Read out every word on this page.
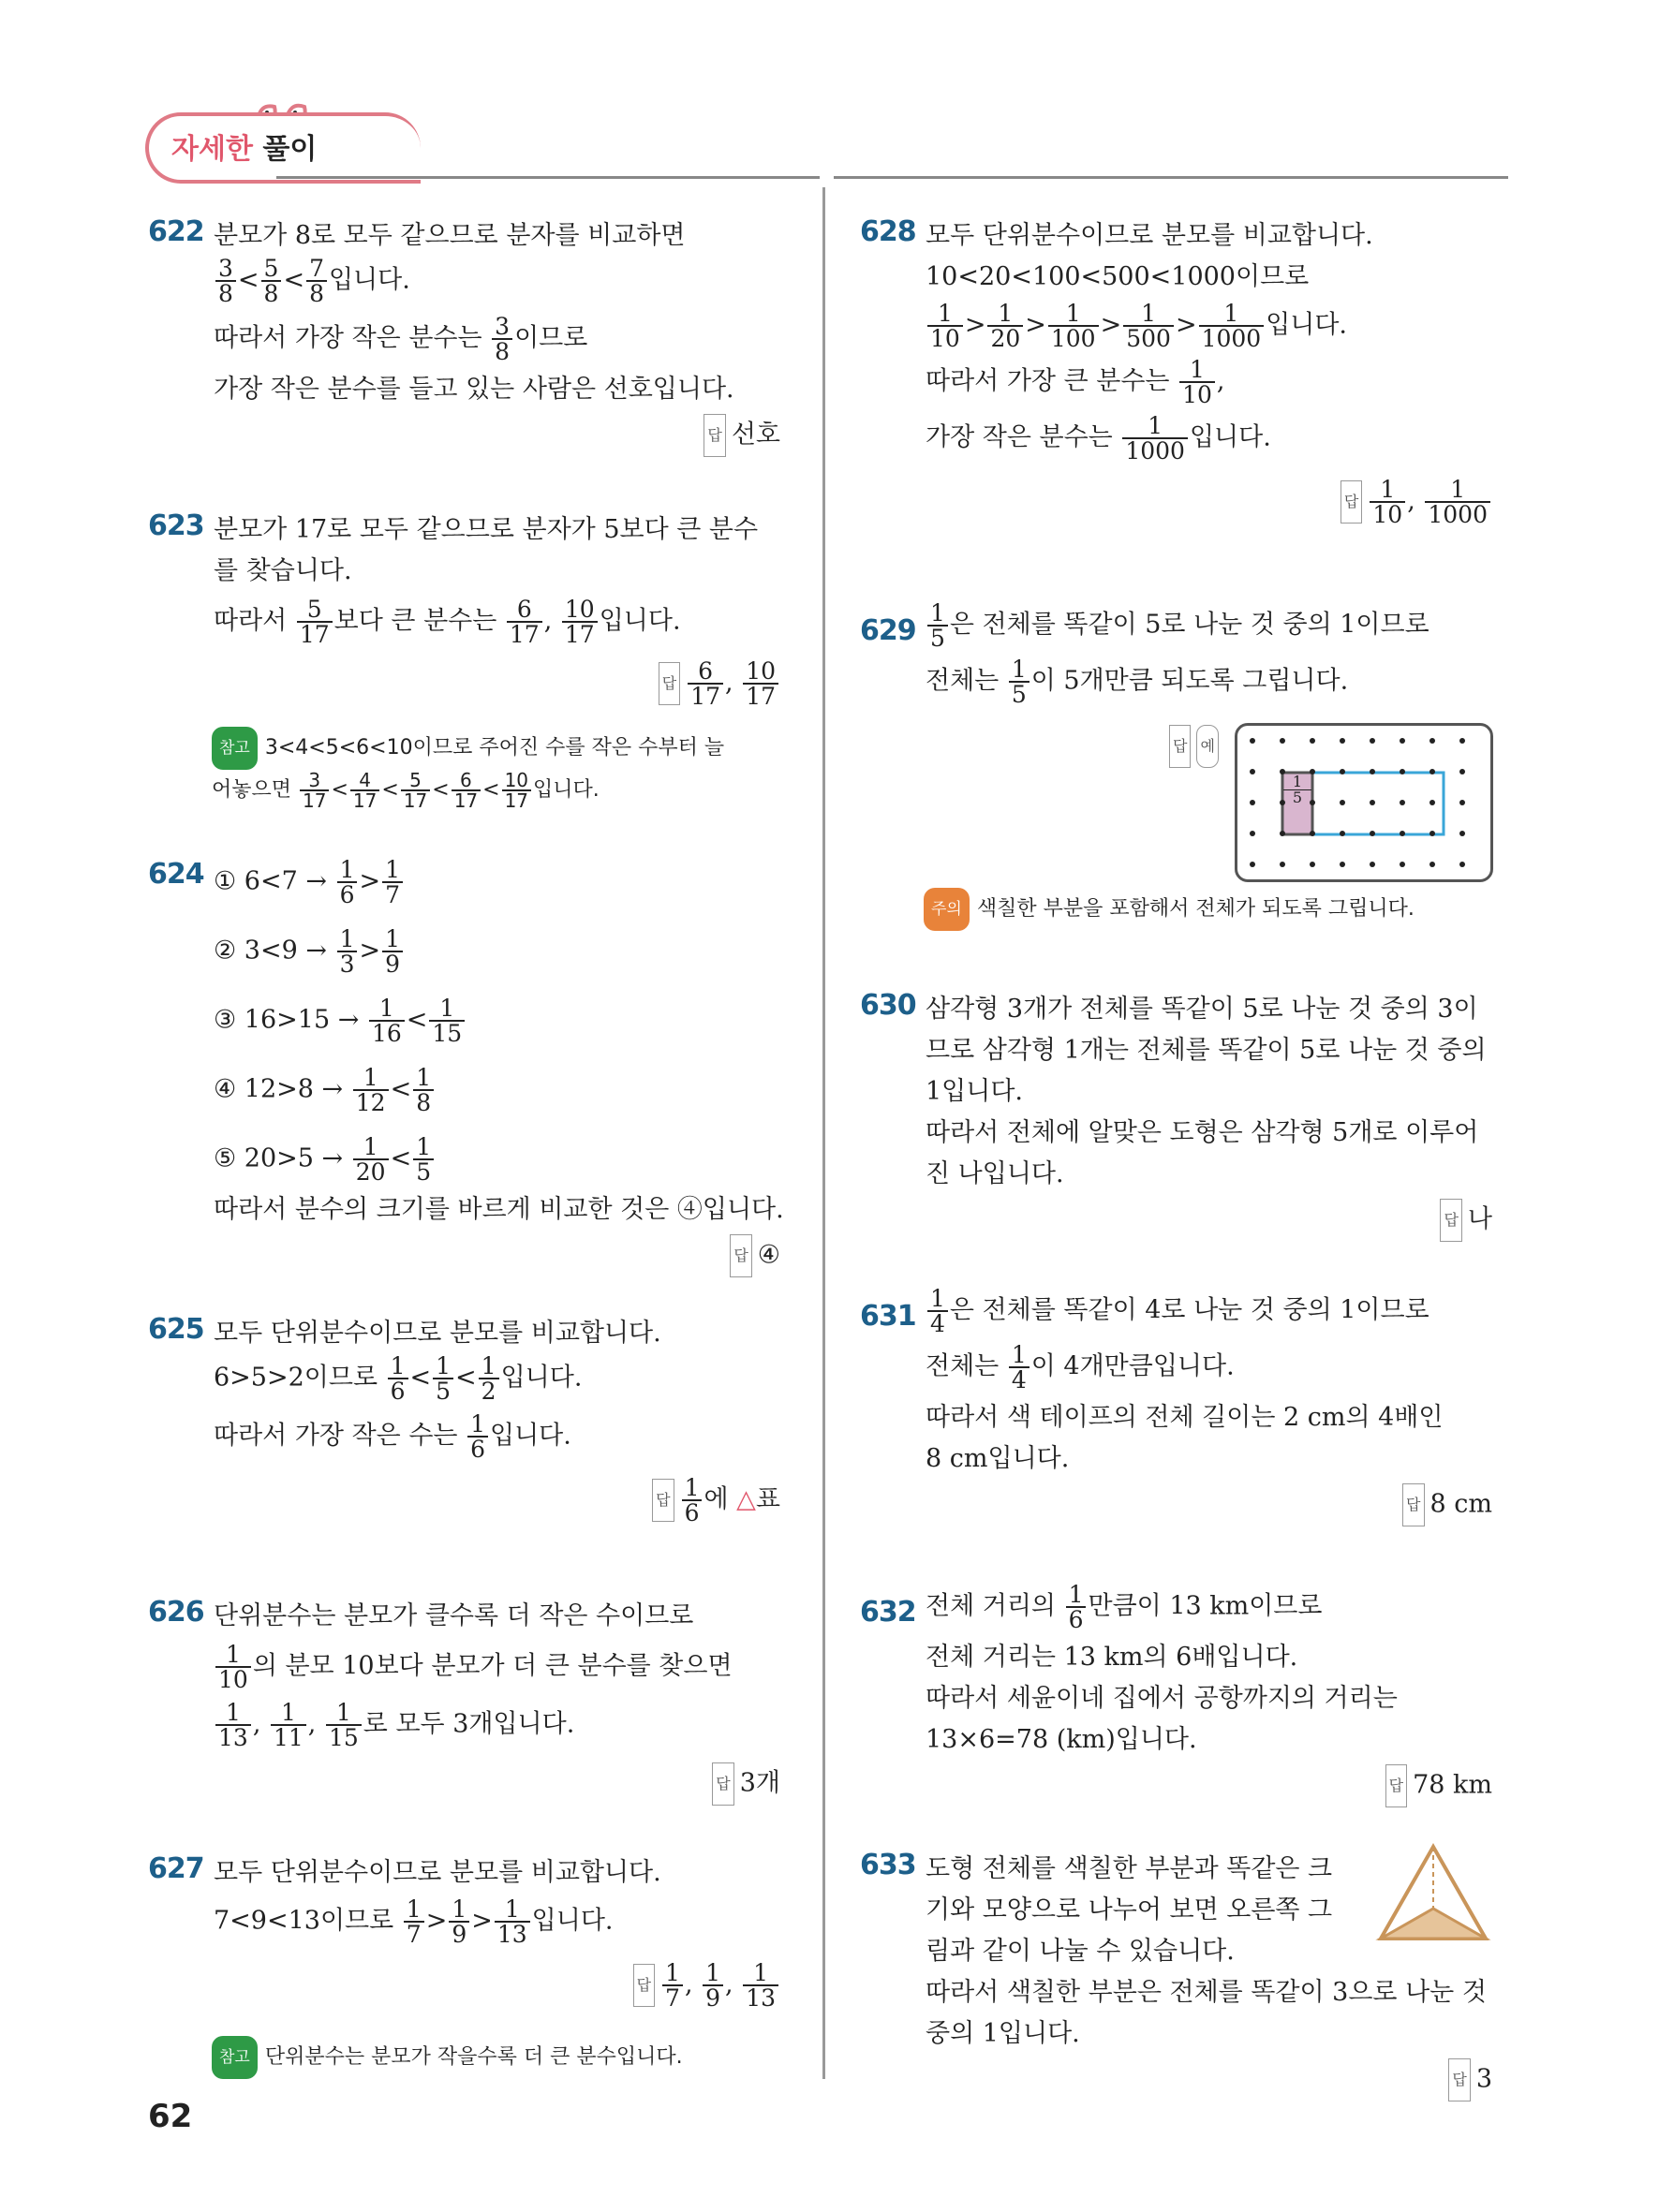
자세한 풀이
622 분모가 8로 모두 같으므로 분자를 비교하면
$\frac{3}{8} < \frac{5}{8} < \frac{7}{8}$ 입니다.
따라서 가장 작은 분수는 $\frac{3}{8}$ 이므로
가장 작은 분수를 들고 있는 사람은 선호입니다.
답 선호
623 분모가 17로 모두 같으므로 분자가 5보다 큰 분수
를 찾습니다.
따라서 $\frac{5}{17}$ 보다 큰 분수는 $\frac{6}{17}$ , $\frac{10}{17}$ 입니다.
답 $\frac{6}{17}$ , $\frac{10}{17}$
참고 3<4<5<6<10이므로 주어진 수를 작은 수부터 늘
어놓으면 $\frac{3}{17} < \frac{4}{17} < \frac{5}{17} < \frac{6}{17} < \frac{10}{17}$ 입니다.
624 ① $6<7 \to \frac{1}{6} > \frac{1}{7}$
② $3<9 \to \frac{1}{3} > \frac{1}{9}$
③ $16>15 \to \frac{1}{16} < \frac{1}{15}$
④ $12>8 \to \frac{1}{12} < \frac{1}{8}$
⑤ $20>5 \to \frac{1}{20} < \frac{1}{5}$
따라서 분수의 크기를 바르게 비교한 것은 ④입니다.
답 ④
625 모두 단위분수이므로 분모를 비교합니다.
6>5>2이므로 $\frac{1}{6} < \frac{1}{5} < \frac{1}{2}$ 입니다.
따라서 가장 작은 수는 $\frac{1}{6}$ 입니다.
답 $\frac{1}{6}$ 에 △표
626 단위분수는 분모가 클수록 더 작은 수이므로
$\frac{1}{10}$ 의 분모 10보다 분모가 더 큰 분수를 찾으면
$\frac{1}{13}$ , $\frac{1}{11}$ , $\frac{1}{15}$ 로 모두 3개입니다.
답 3개
627 모두 단위분수이므로 분모를 비교합니다.
7<9<13이므로 $\frac{1}{7} > \frac{1}{9} > \frac{1}{13}$ 입니다.
답 $\frac{1}{7}$ , $\frac{1}{9}$ , $\frac{1}{13}$
참고 단위분수는 분모가 작을수록 더 큰 분수입니다.
628 모두 단위분수이므로 분모를 비교합니다.
10<20<100<500<1000이므로
$\frac{1}{10} > \frac{1}{20} > \frac{1}{100} > \frac{1}{500} > \frac{1}{1000}$ 입니다.
따라서 가장 큰 분수는 $\frac{1}{10}$ ,
가장 작은 분수는 $\frac{1}{1000}$ 입니다.
답 $\frac{1}{10}$ , $\frac{1}{1000}$
$629 \frac{1}{5}$ 은 전체를 똑같이 5로 나눈 것 중의 1이므로
전체는 $\frac{1}{5}$ 이 5개만큼 되도록 그립니다.
답 예
1
5
주의 색칠한 부분을 포함해서 전체가 되도록 그립니다.
630 삼각형 3개가 전체를 똑같이 5로 나눈 것 중의 3이
므로 삼각형 1개는 전체를 똑같이 5로 나눈 것 중의
1입니다.
따라서 전체에 알맞은 도형은 삼각형 5개로 이루어
진 나입니다.
답 나
$631 \frac{1}{4}$ 은 전체를 똑같이 4로 나눈 것 중의 1이므로
전체는 $\frac{1}{4}$ 이 4개만큼입니다.
따라서 색 테이프의 전체 길이는 2 cm의 4배인
8 cm입니다.
답 8 cm
632 전체 거리의 $\frac{1}{6}$ 만큼이 13 km이므로
전체 거리는 13 km의 6배입니다.
따라서 세윤이네 집에서 공항까지의 거리는
13×6=78 (km)입니다.
답 78 km
633 도형 전체를 색칠한 부분과 똑같은 크
기와 모양으로 나누어 보면 오른쪽 그
림과 같이 나눌 수 있습니다.
따라서 색칠한 부분은 전체를 똑같이 3으로 나눈 것
중의 1입니다.
답 3
62
